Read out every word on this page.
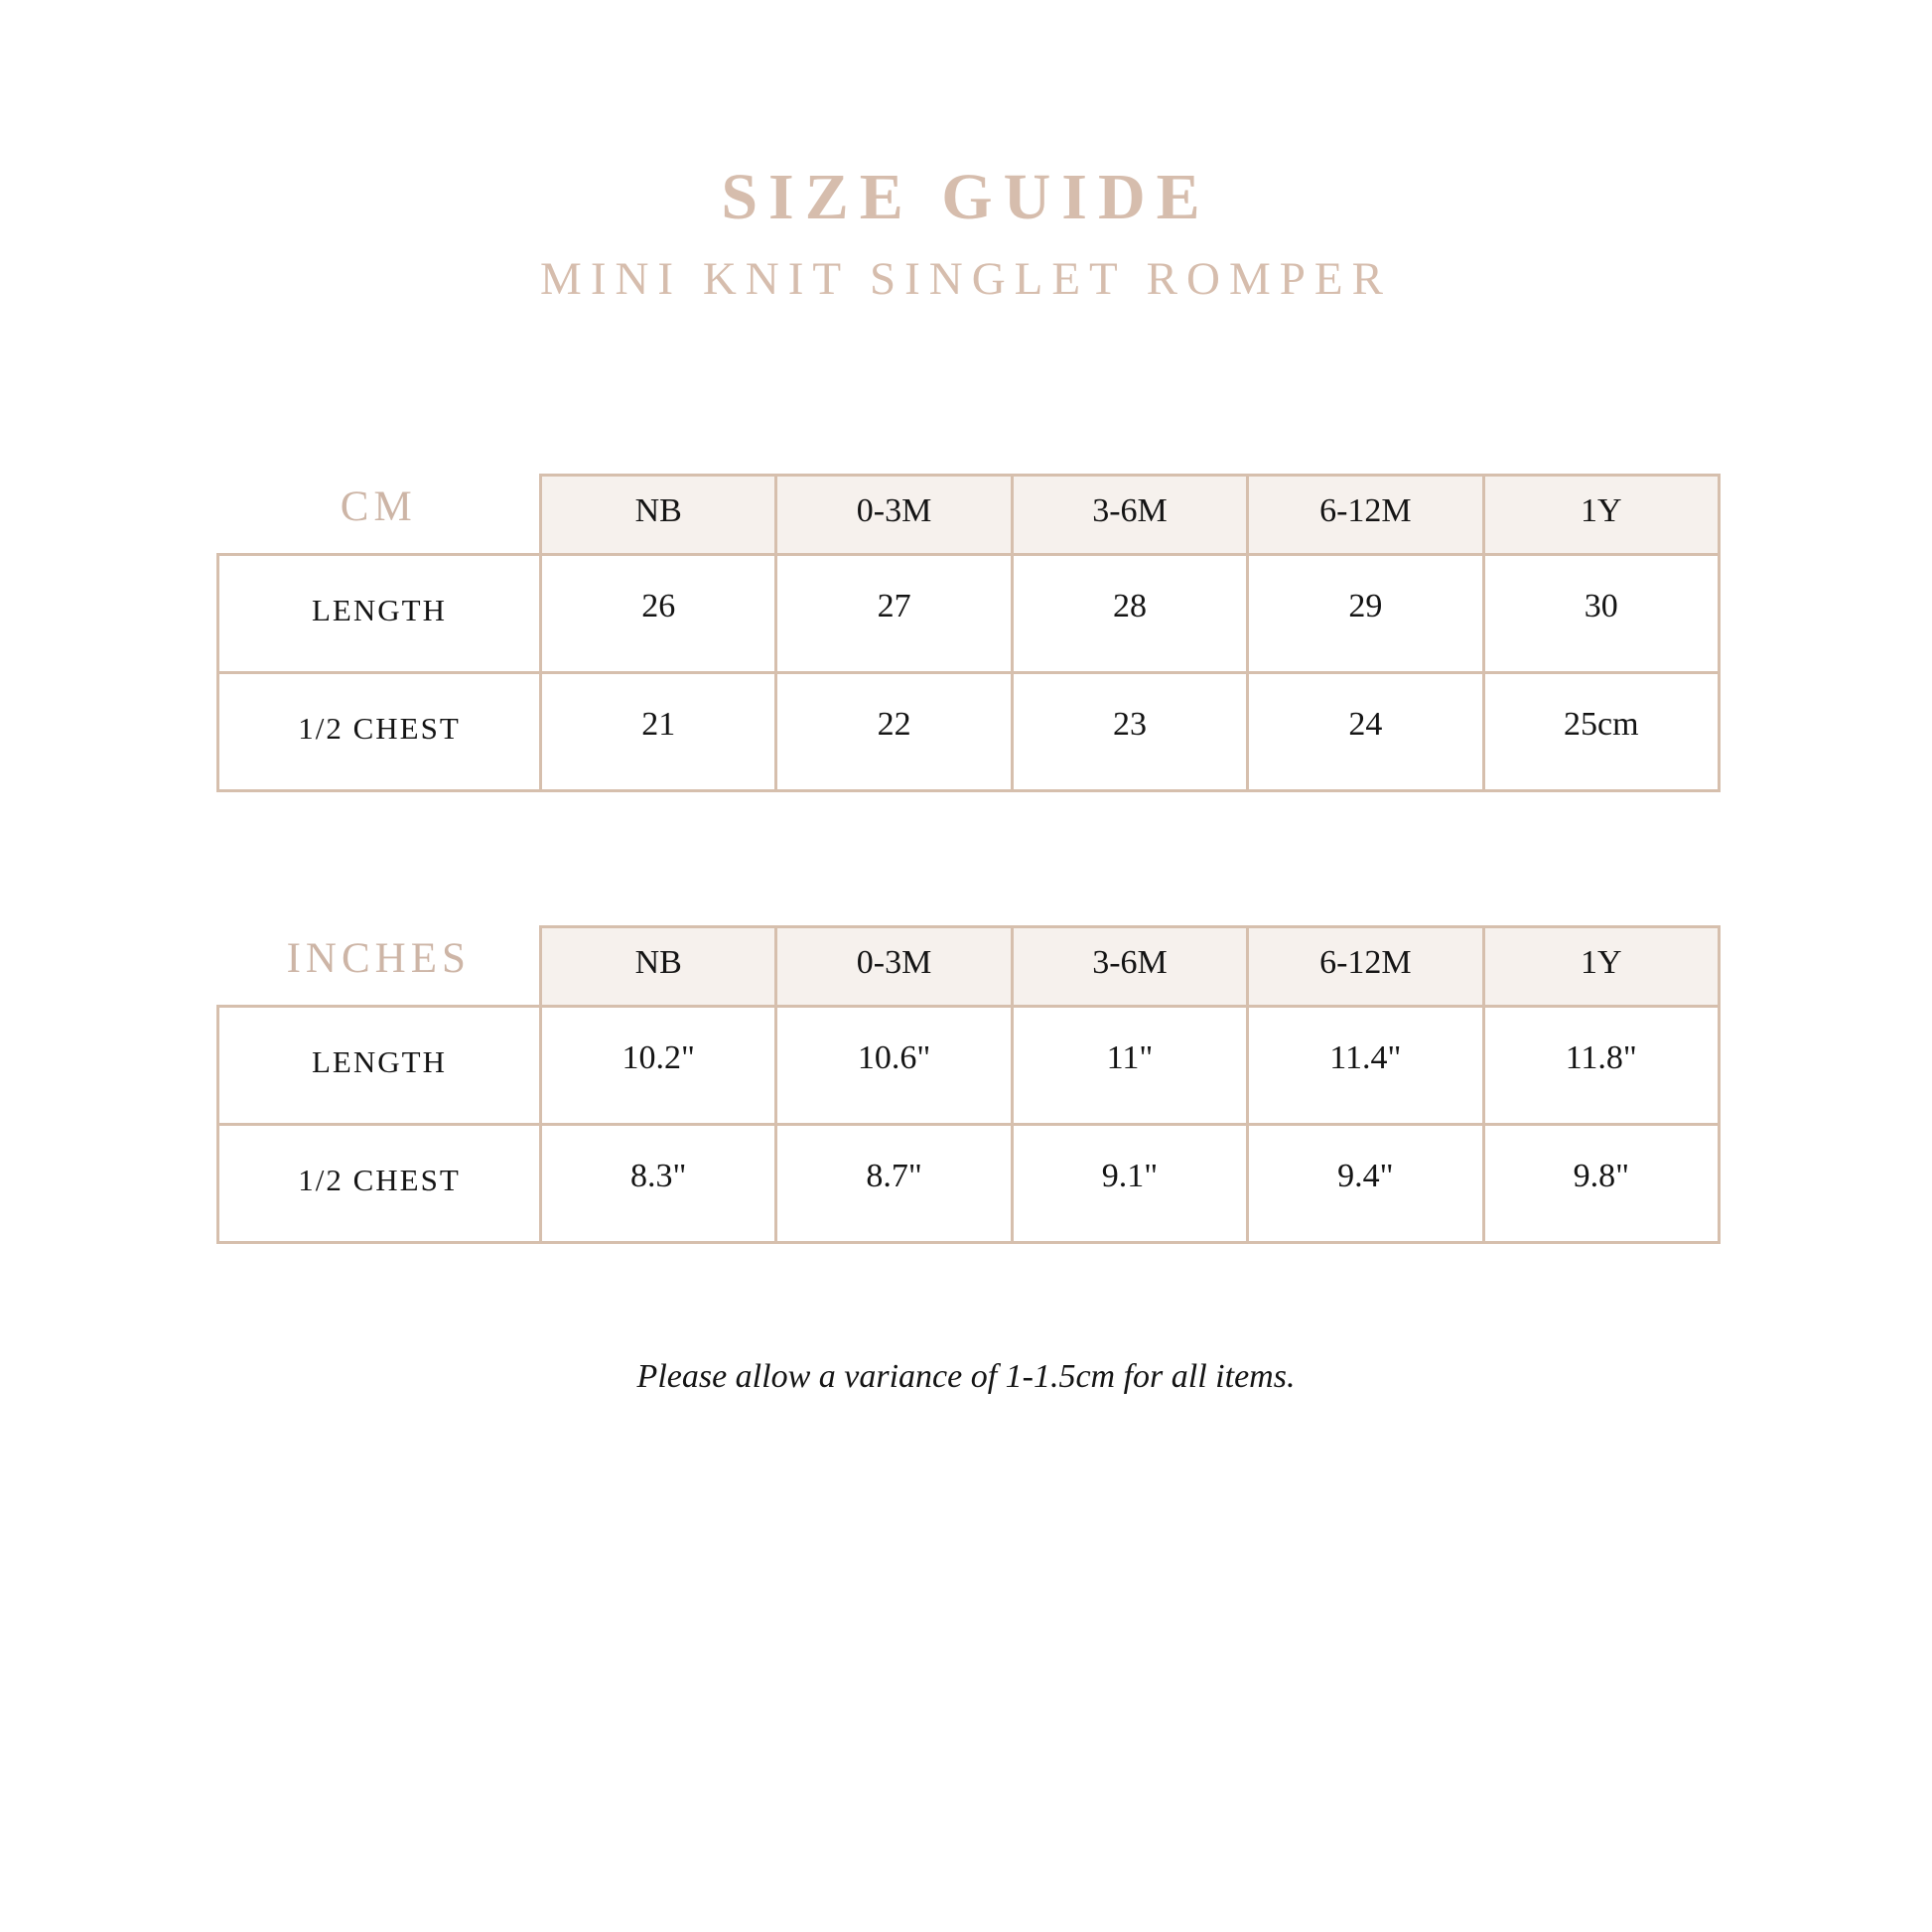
SIZE GUIDE
MINI KNIT SINGLET ROMPER
CM	NB	0-3M	3-6M	6-12M	1Y
LENGTH	26	27	28	29	30
1/2 CHEST	21	22	23	24	25cm
INCHES	NB	0-3M	3-6M	6-12M	1Y
LENGTH	10.2"	10.6"	11"	11.4"	11.8"
1/2 CHEST	8.3"	8.7"	9.1"	9.4"	9.8"

Please allow a variance of 1-1.5cm for all items.
